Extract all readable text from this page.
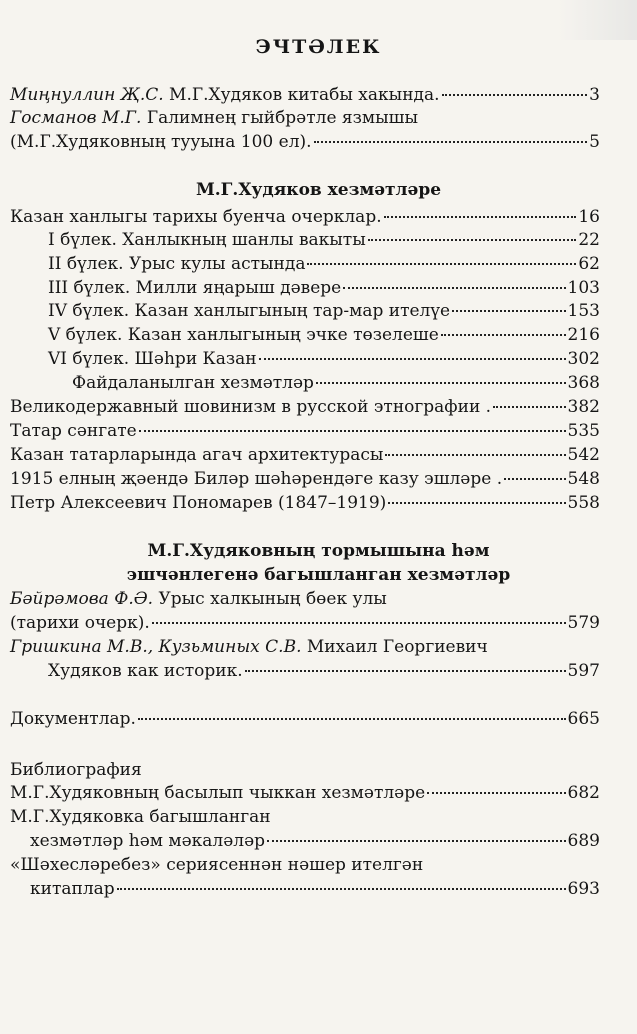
ЭЧТӘЛЕК
Миңнуллин Җ.С. М.Г.Худяков китабы хакында.	3
Госманов М.Г. Галимнең гыйбрәтле язмышы
(М.Г.Худяковның тууына 100 ел).	5
М.Г.Худяков хезмәтләре
Казан ханлыгы тарихы буенча очерклар.	16
I бүлек. Ханлыкның шанлы вакыты	22
II бүлек. Урыс кулы астында	62
III бүлек. Милли яңарыш дәвере	103
IV бүлек. Казан ханлыгының тар-мар ителүе	153
V бүлек. Казан ханлыгының эчке төзелеше	216
VI бүлек. Шәһри Казан	302
Файдаланылган хезмәтләр	368
Великодержавный шовинизм в русской этнографии .	382
Татар сәнгате	535
Казан татарларында агач архитектурасы	542
1915 елның җәендә Биләр шәһәрендәге казу эшләре .	548
Петр Алексеевич Пономарев (1847–1919)	558
М.Г.Худяковның тормышына һәм
эшчәнлегенә багышланган хезмәтләр
Бәйрәмова Ф.Ә. Урыс халкының бөек улы
(тарихи очерк).	579
Гришкина М.В., Кузьминых С.В. Михаил Георгиевич
Худяков как историк.	597
Документлар.	665
Библиография
М.Г.Худяковның басылып чыккан хезмәтләре	682
М.Г.Худяковка багышланган
хезмәтләр һәм мәкаләләр	689
«Шәхесләребез» сериясеннән нәшер ителгән
китаплар	693
